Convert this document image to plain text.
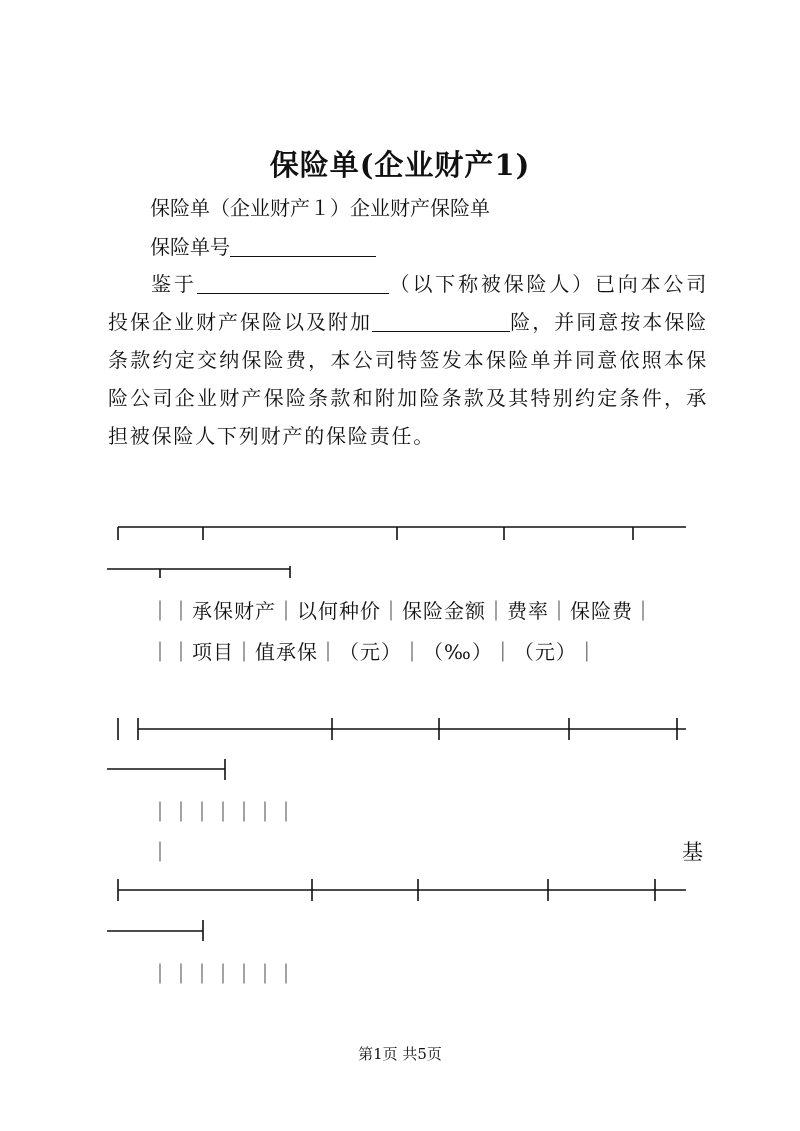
保险单(企业财产1)
保险单（企业财产１）企业财产保险单
保险单号
鉴于	（以下称被保险人）已向本公司投保企业财产保险以及附加	险，并同意按本保险条款约定交纳保险费，本公司特签发本保险单并同意依照本保险公司企业财产保险条款和附加险条款及其特别约定条件，承担被保险人下列财产的保险责任。
｜｜承保财产｜以何种价｜保险金额｜费率｜保险费｜
｜｜项目｜值承保｜（元）｜（‰）｜（元）｜
｜｜｜｜｜｜｜
｜	基
｜｜｜｜｜｜｜
第1页 共5页
